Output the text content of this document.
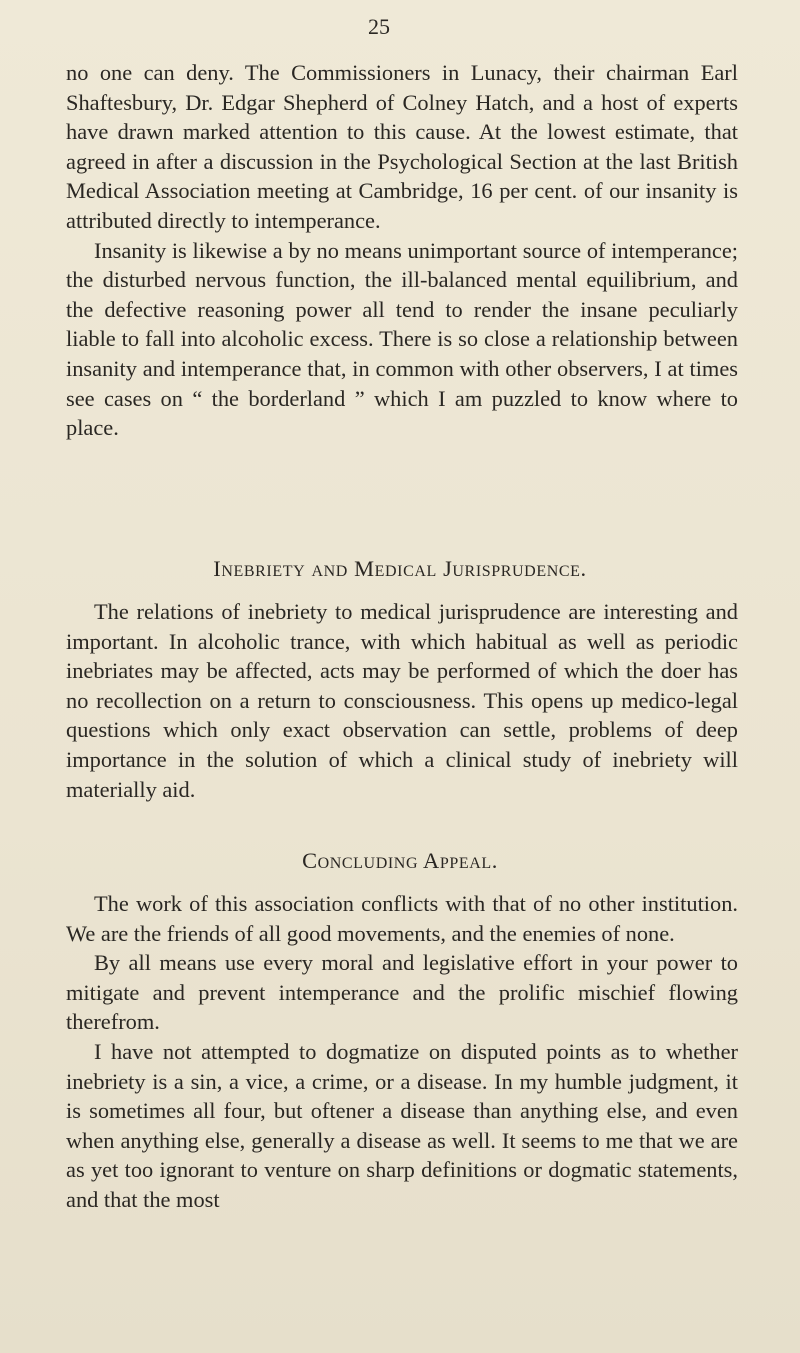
25

no one can deny. The Commissioners in Lunacy, their chairman Earl Shaftesbury, Dr. Edgar Shepherd of Colney Hatch, and a host of experts have drawn marked attention to this cause. At the lowest estimate, that agreed in after a discussion in the Psychological Section at the last British Medical Association meeting at Cambridge, 16 per cent. of our insanity is attributed directly to intemperance.

Insanity is likewise a by no means unimportant source of intemperance; the disturbed nervous function, the ill-balanced mental equilibrium, and the defective reasoning power all tend to render the insane peculiarly liable to fall into alcoholic excess. There is so close a relationship between insanity and intemperance that, in common with other observers, I at times see cases on “ the borderland ” which I am puzzled to know where to place.

Inebriety and Medical Jurisprudence.

The relations of inebriety to medical jurisprudence are interesting and important. In alcoholic trance, with which habitual as well as periodic inebriates may be affected, acts may be performed of which the doer has no recollection on a return to consciousness. This opens up medico-legal questions which only exact observation can settle, problems of deep importance in the solution of which a clinical study of inebriety will materially aid.

Concluding Appeal.

The work of this association conflicts with that of no other institution. We are the friends of all good movements, and the enemies of none.

By all means use every moral and legislative effort in your power to mitigate and prevent intemperance and the prolific mischief flowing therefrom.

I have not attempted to dogmatize on disputed points as to whether inebriety is a sin, a vice, a crime, or a disease. In my humble judgment, it is sometimes all four, but oftener a disease than anything else, and even when anything else, generally a disease as well. It seems to me that we are as yet too ignorant to venture on sharp definitions or dogmatic statements, and that the most
